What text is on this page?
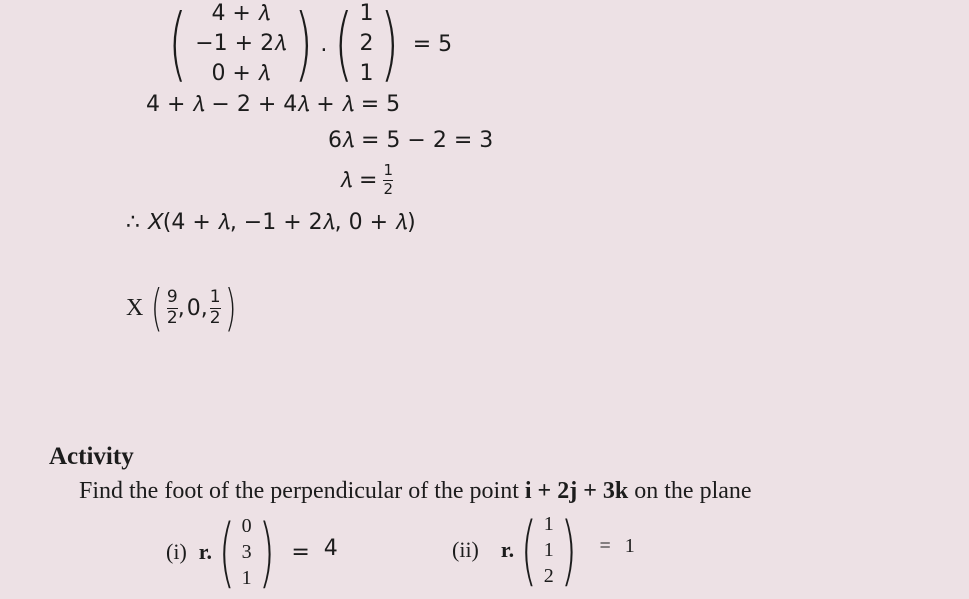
( 4 + 𝜆
−1 + 2𝜆
0 + 𝜆 ) . ( 1
2
1 ) = 5
4 + 𝜆 − 2 + 4𝜆 + 𝜆 = 5
6𝜆 = 5 − 2 = 3
𝜆 = $\frac{1}{2}$
∴ 𝑋(4 + 𝜆, −1 + 2𝜆, 0 + 𝜆)
X ( $\frac{9}{2}$ , 0 , $\frac{1}{2}$ )
Activity
Find the foot of the perpendicular of the point i + 2j + 3k on the plane
(i) r. ( 0
3
1 ) = 4	(ii) r. ( 1
1
2 ) = 1
